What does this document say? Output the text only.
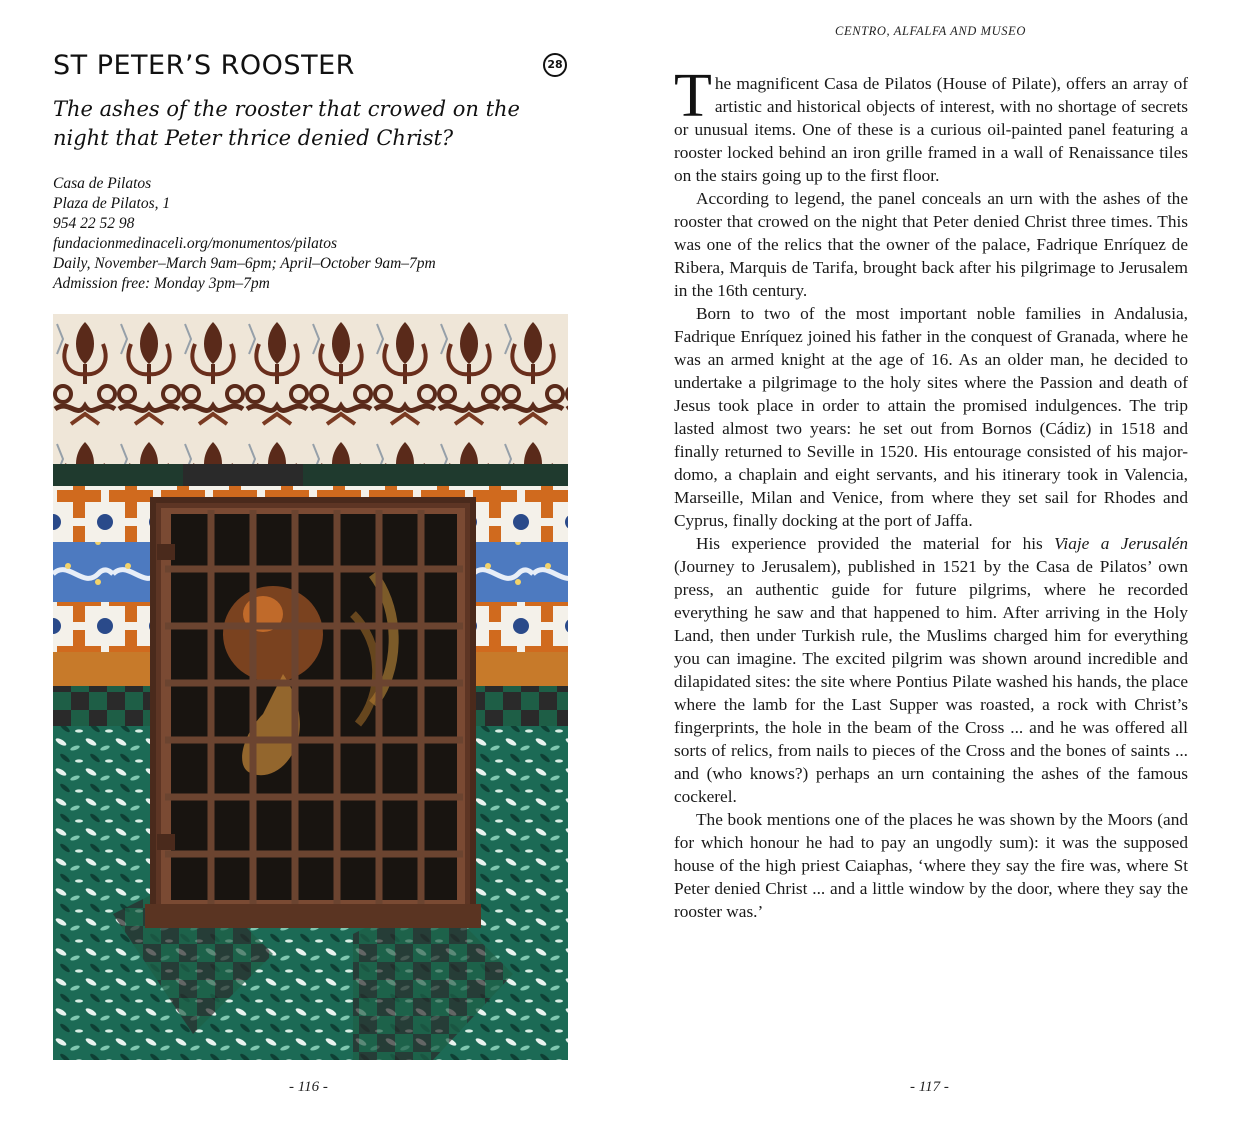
ST PETER’S ROOSTER	28

The ashes of the rooster that crowed on the night that Peter thrice denied Christ?

Casa de Pilatos
Plaza de Pilatos, 1
954 22 52 98
fundacionmedinaceli.org/monumentos/pilatos
Daily, November–March 9am–6pm; April–October 9am–7pm
Admission free: Monday 3pm–7pm
- 116 -
CENTRO, ALFALFA AND MUSEO

The magnificent Casa de Pilatos (House of Pilate), offers an array of artistic and historical objects of interest, with no shortage of secrets or unusual items. One of these is a curious oil-painted panel featuring a rooster locked behind an iron grille framed in a wall of Renaissance tiles on the stairs going up to the first floor.

According to legend, the panel conceals an urn with the ashes of the rooster that crowed on the night that Peter denied Christ three times. This was one of the relics that the owner of the palace, Fadrique Enríquez de Ribera, Marquis de Tarifa, brought back after his pilgrimage to Jerusalem in the 16th century.

Born to two of the most important noble families in Andalusia, Fadrique Enríquez joined his father in the conquest of Granada, where he was an armed knight at the age of 16. As an older man, he decided to undertake a pilgrimage to the holy sites where the Passion and death of Jesus took place in order to attain the promised indulgences. The trip lasted almost two years: he set out from Bornos (Cádiz) in 1518 and finally returned to Seville in 1520. His entourage consisted of his major-domo, a chaplain and eight servants, and his itinerary took in Valencia, Marseille, Milan and Venice, from where they set sail for Rhodes and Cyprus, finally docking at the port of Jaffa.

His experience provided the material for his Viaje a Jerusalén (Journey to Jerusalem), published in 1521 by the Casa de Pilatos’ own press, an authentic guide for future pilgrims, where he recorded everything he saw and that happened to him. After arriving in the Holy Land, then under Turkish rule, the Muslims charged him for everything you can imagine. The excited pilgrim was shown around incredible and dilapidated sites: the site where Pontius Pilate washed his hands, the place where the lamb for the Last Supper was roasted, a rock with Christ’s fingerprints, the hole in the beam of the Cross ... and he was offered all sorts of relics, from nails to pieces of the Cross and the bones of saints ... and (who knows?) perhaps an urn containing the ashes of the famous cockerel.

The book mentions one of the places he was shown by the Moors (and for which honour he had to pay an ungodly sum): it was the supposed house of the high priest Caiaphas, ‘where they say the fire was, where St Peter denied Christ ... and a little window by the door, where they say the rooster was.’

- 117 -
